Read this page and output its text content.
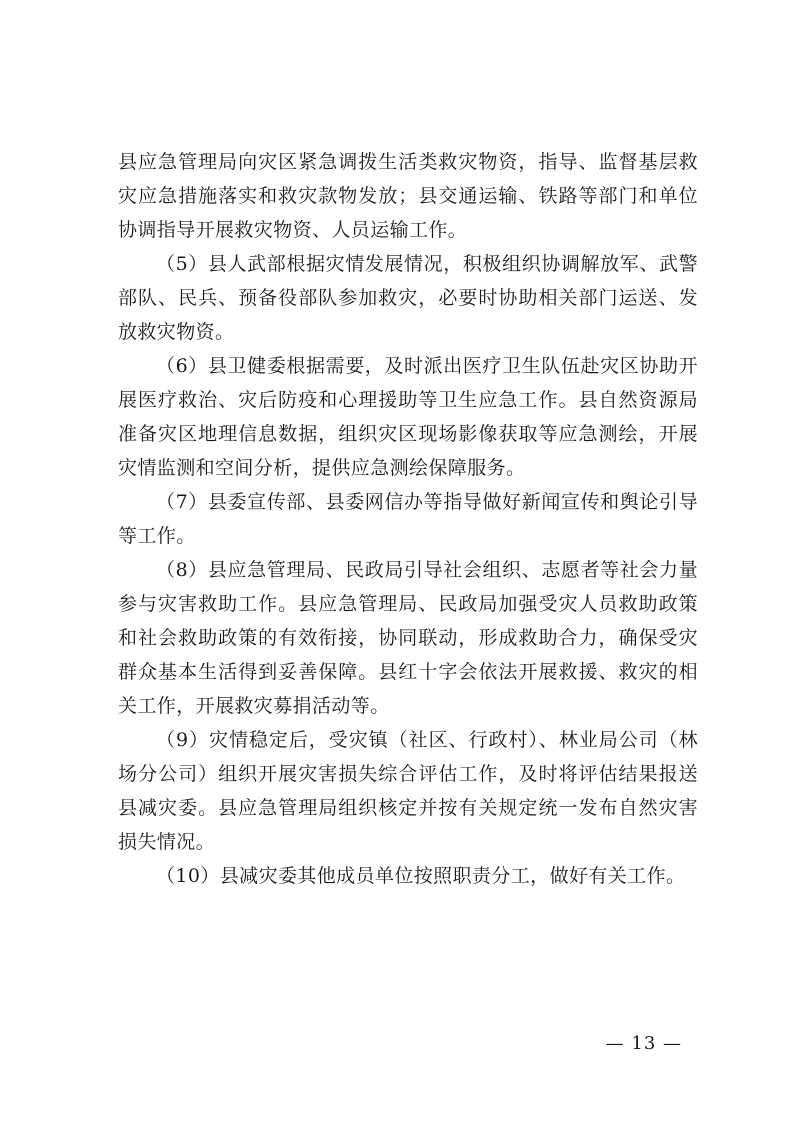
县应急管理局向灾区紧急调拨生活类救灾物资，指导、监督基层救灾应急措施落实和救灾款物发放；县交通运输、铁路等部门和单位协调指导开展救灾物资、人员运输工作。

（5）县人武部根据灾情发展情况，积极组织协调解放军、武警部队、民兵、预备役部队参加救灾，必要时协助相关部门运送、发放救灾物资。

（6）县卫健委根据需要，及时派出医疗卫生队伍赴灾区协助开展医疗救治、灾后防疫和心理援助等卫生应急工作。县自然资源局准备灾区地理信息数据，组织灾区现场影像获取等应急测绘，开展灾情监测和空间分析，提供应急测绘保障服务。

（7）县委宣传部、县委网信办等指导做好新闻宣传和舆论引导等工作。

（8）县应急管理局、民政局引导社会组织、志愿者等社会力量参与灾害救助工作。县应急管理局、民政局加强受灾人员救助政策和社会救助政策的有效衔接，协同联动，形成救助合力，确保受灾群众基本生活得到妥善保障。县红十字会依法开展救援、救灾的相关工作，开展救灾募捐活动等。

（9）灾情稳定后，受灾镇（社区、行政村）、林业局公司（林场分公司）组织开展灾害损失综合评估工作，及时将评估结果报送县减灾委。县应急管理局组织核定并按有关规定统一发布自然灾害损失情况。

（10）县减灾委其他成员单位按照职责分工，做好有关工作。

— 13 —
